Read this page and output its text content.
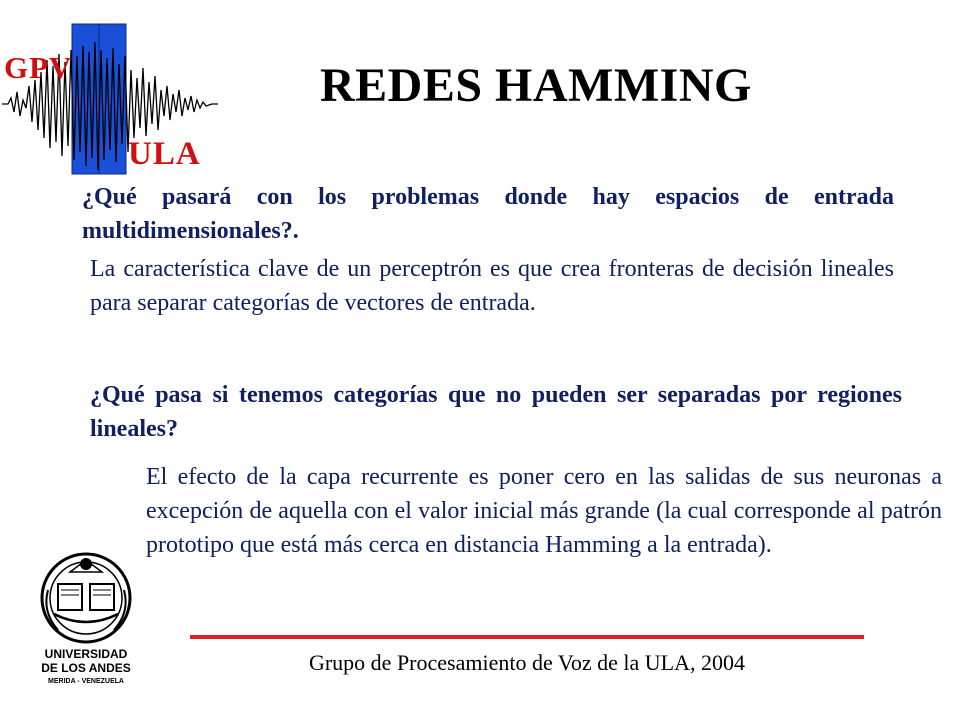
GPV
ULA
REDES HAMMING
¿Qué pasará con los problemas donde hay espacios de entrada multidimensionales?.
La característica clave de un perceptrón es que crea fronteras de decisión lineales para separar categorías de vectores de entrada.
¿Qué pasa si tenemos categorías que no pueden ser separadas por regiones lineales?
El efecto de la capa recurrente es poner cero en las salidas de sus neuronas a excepción de aquella con el valor inicial más grande (la cual corresponde al patrón prototipo que está más cerca en distancia Hamming a la entrada).
UNIVERSIDAD
DE LOS ANDES
MERIDA - VENEZUELA
Grupo de Procesamiento de Voz de la ULA, 2004
